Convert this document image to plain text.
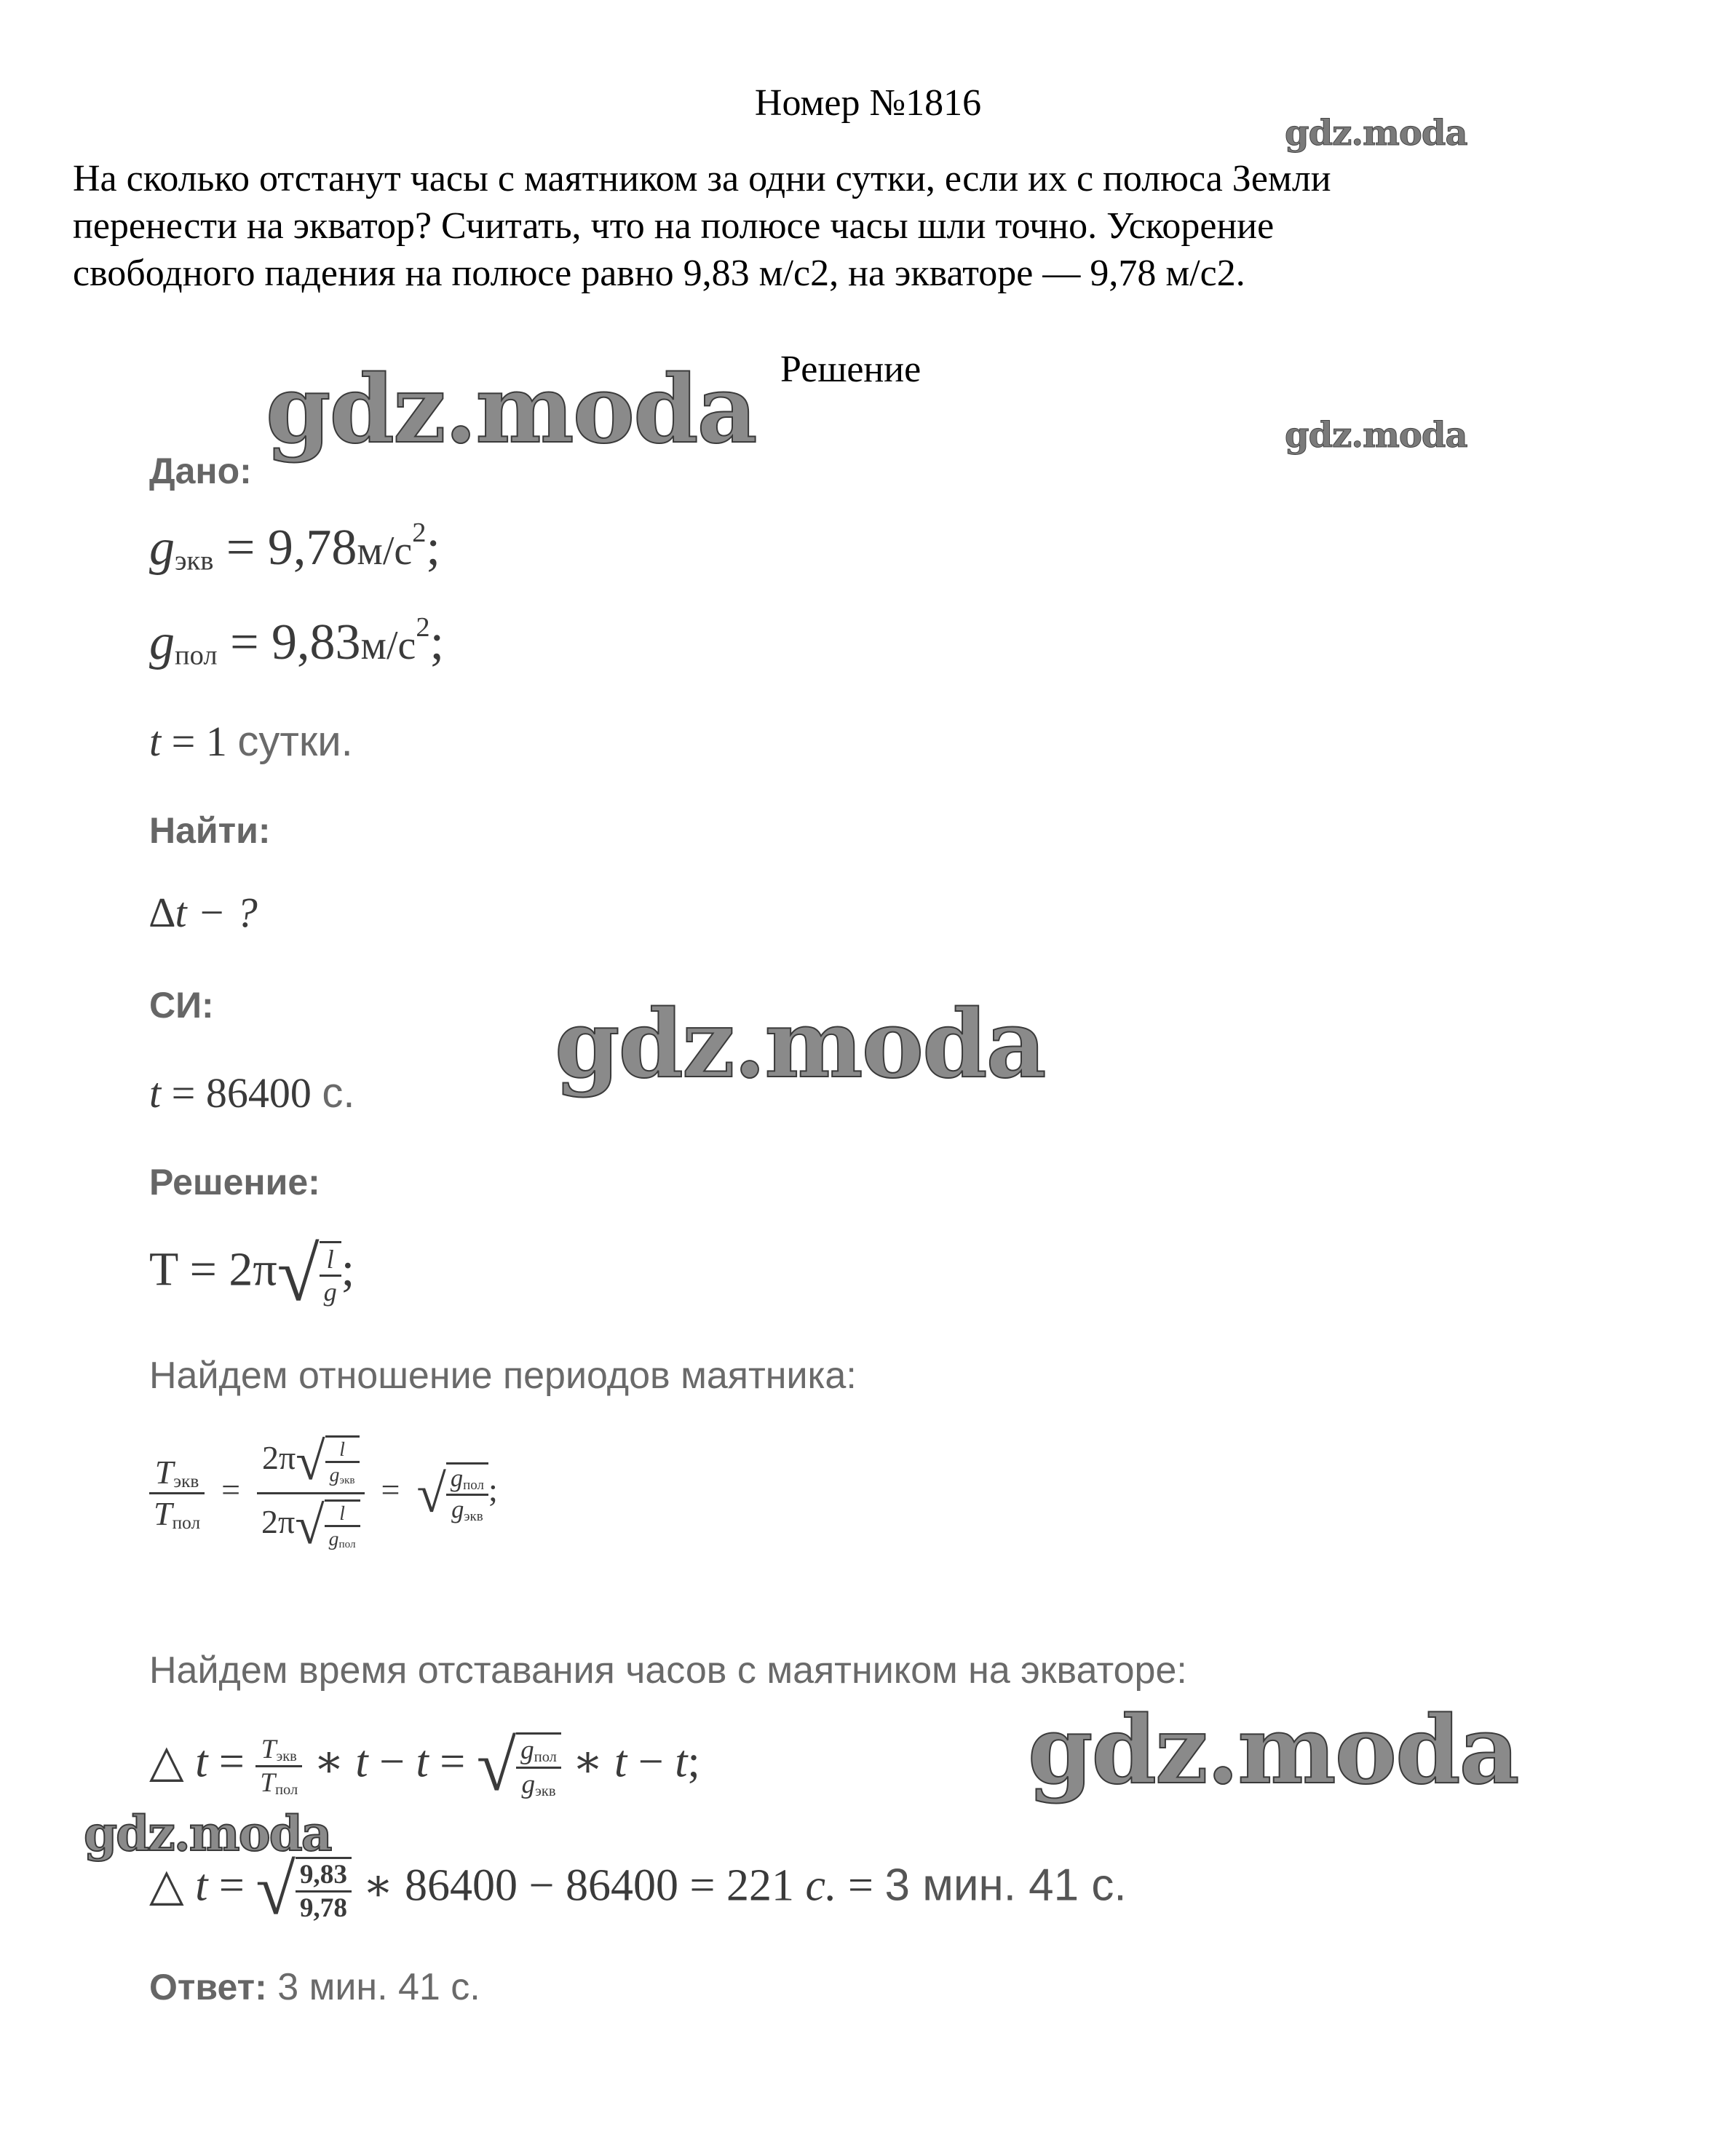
Номер №1816
На сколько отстанут часы с маятником за одни сутки, если их с полюса Земли
перенести на экватор? Считать, что на полюсе часы шли точно. Ускорение
свободного падения на полюсе равно 9,83 м/с2, на экваторе — 9,78 м/с2.
Решение
Дано:
$g_{экв} = 9,78м/с^2$;
$g_{пол} = 9,83м/с^2$;
t = 1 сутки.
Найти:
∆t − ?
СИ:
t = 86400 с.
Решение:
$T = 2\pi√ \frac{l}{g}$ ;
Найдем отношение периодов маятника:
$\frac{\text{Tэкв}}{\text{Tпол}} = \frac{2\pi√ \frac{l}{g_{экв}}}{2\pi√ \frac{l}{g_{пол}}}$ =  √ $\frac{\text{gпол}}{\text{gэкв}}$ ;
Найдем время отставания часов с маятником на экваторе:
△ $t = \frac{\text{Tэкв}}{\text{Tпол}}$ ∗ t − t = √ $\frac{\text{gпол}}{\text{gэкв}}$ ∗ t − t;
△ t = √ $\frac{9,83}{9,78}$ ∗ 86400 − 86400 = 221 с. = 3 мин. 41 с.
Ответ: 3 мин. 41 с.
gdz.moda
gdz.moda	gdz.moda
gdz.moda
gdz.moda
gdz.moda
